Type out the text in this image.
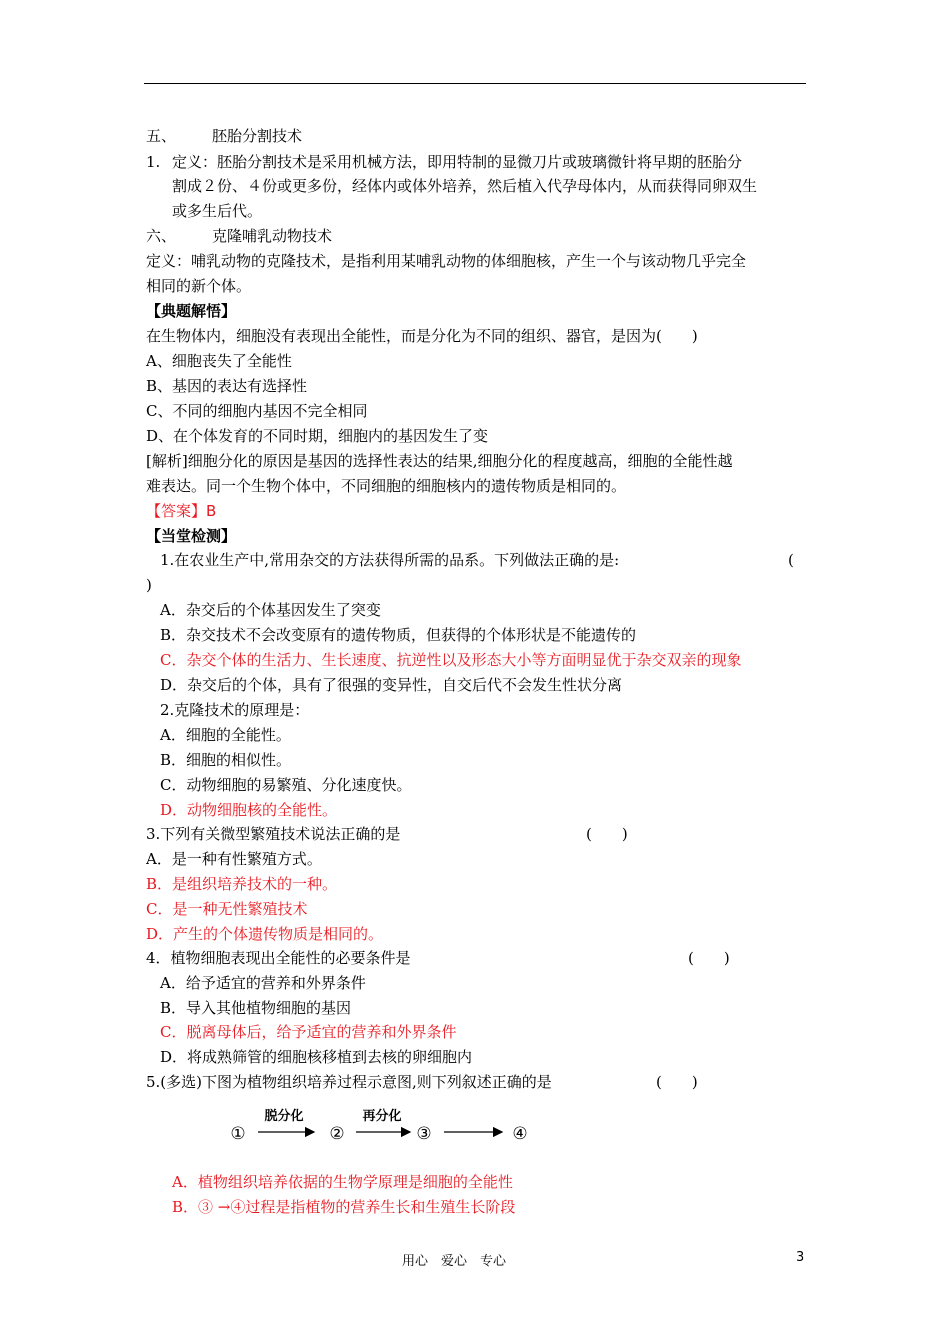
五、 胚胎分割技术
1. 定义：胚胎分割技术是采用机械方法，即用特制的显微刀片或玻璃微针将早期的胚胎分
割成２份、４份或更多份，经体内或体外培养，然后植入代孕母体内，从而获得同卵双生
或多生后代。
六、 克隆哺乳动物技术
定义：哺乳动物的克隆技术，是指利用某哺乳动物的体细胞核，产生一个与该动物几乎完全
相同的新个体。
【典题解悟】
在生物体内，细胞没有表现出全能性，而是分化为不同的组织、器官，是因为(　　)
A、细胞丧失了全能性
B、基因的表达有选择性
C、不同的细胞内基因不完全相同
D、在个体发育的不同时期，细胞内的基因发生了变
[解析]细胞分化的原因是基因的选择性表达的结果,细胞分化的程度越高，细胞的全能性越
难表达。同一个生物个体中，不同细胞的细胞核内的遗传物质是相同的。
【答案】B
【当堂检测】
1.在农业生产中,常用杂交的方法获得所需的品系。下列做法正确的是:	(
)
A．杂交后的个体基因发生了突变
B．杂交技术不会改变原有的遗传物质，但获得的个体形状是不能遗传的
C．杂交个体的生活力、生长速度、抗逆性以及形态大小等方面明显优于杂交双亲的现象
D．杂交后的个体，具有了很强的变异性，自交后代不会发生性状分离
2.克隆技术的原理是：
A．细胞的全能性。
B．细胞的相似性。
C．动物细胞的易繁殖、分化速度快。
D．动物细胞核的全能性。
3.下列有关微型繁殖技术说法正确的是	(　　)
A．是一种有性繁殖方式。
B．是组织培养技术的一种。
C．是一种无性繁殖技术
D．产生的个体遗传物质是相同的。
4．植物细胞表现出全能性的必要条件是	(　　)
A．给予适宜的营养和外界条件
B．导入其他植物细胞的基因
C．脱离母体后，给予适宜的营养和外界条件
D．将成熟筛管的细胞核移植到去核的卵细胞内
5.(多选)下图为植物组织培养过程示意图,则下列叙述正确的是	(　　)
①
脱分化
②
再分化
③	④
A．植物组织培养依据的生物学原理是细胞的全能性
B．③ →④过程是指植物的营养生长和生殖生长阶段
用心　爱心　专心	3
